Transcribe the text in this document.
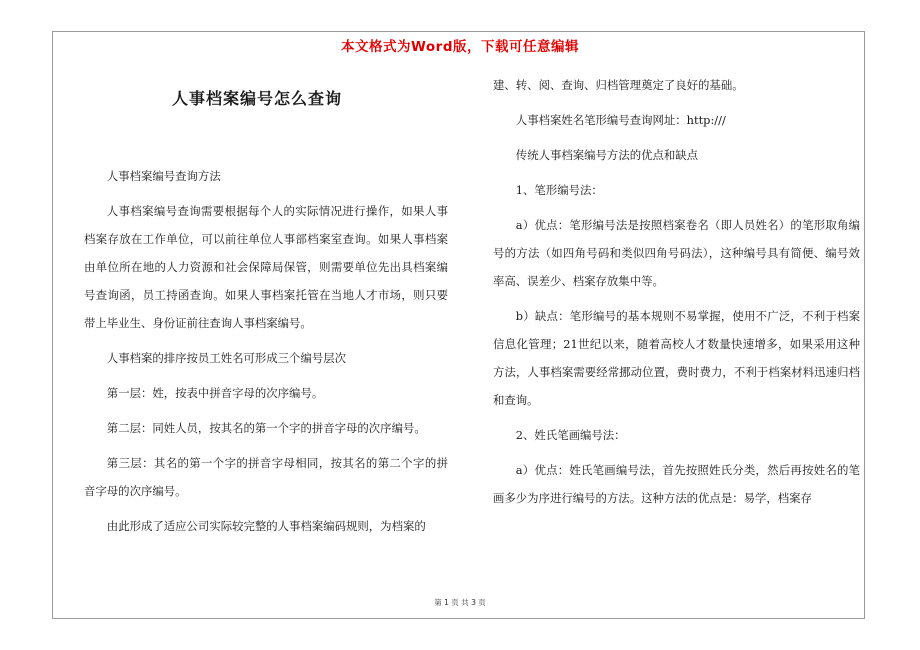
本文格式为Word版，下载可任意编辑
人事档案编号怎么查询

人事档案编号查询方法

人事档案编号查询需要根据每个人的实际情况进行操作，如果人事档案存放在工作单位，可以前往单位人事部档案室查询。如果人事档案由单位所在地的人力资源和社会保障局保管，则需要单位先出具档案编号查询函，员工持函查询。如果人事档案托管在当地人才市场，则只要带上毕业生、身份证前往查询人事档案编号。

人事档案的排序按员工姓名可形成三个编号层次

第一层：姓，按表中拼音字母的次序编号。

第二层：同姓人员，按其名的第一个字的拼音字母的次序编号。

第三层：其名的第一个字的拼音字母相同，按其名的第二个字的拼音字母的次序编号。

由此形成了适应公司实际较完整的人事档案编码规则，为档案的

建、转、阅、查询、归档管理奠定了良好的基础。

人事档案姓名笔形编号查询网址：http:///

传统人事档案编号方法的优点和缺点

1、笔形编号法：

a）优点：笔形编号法是按照档案卷名（即人员姓名）的笔形取角编号的方法（如四角号码和类似四角号码法），这种编号具有简便、编号效率高、误差少、档案存放集中等。

b）缺点：笔形编号的基本规则不易掌握，使用不广泛，不利于档案信息化管理；21世纪以来，随着高校人才数量快速增多，如果采用这种方法，人事档案需要经常挪动位置，费时费力，不利于档案材料迅速归档和查询。

2、姓氏笔画编号法：

a）优点：姓氏笔画编号法，首先按照姓氏分类，然后再按姓名的笔画多少为序进行编号的方法。这种方法的优点是：易学，档案存

第 1 页 共 3 页
